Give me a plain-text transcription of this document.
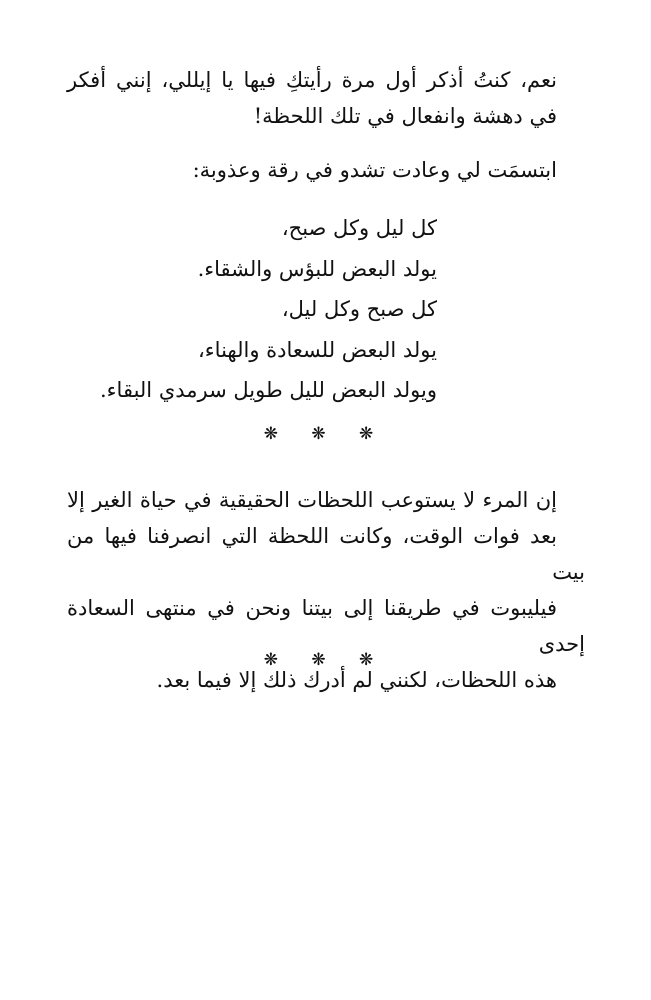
نعم، كنتُ أذكر أول مرة رأيتكِ فيها يا إيللي، إنني أفكر
في دهشة وانفعال في تلك اللحظة!

ابتسمَت لي وعادت تشدو في رقة وعذوبة:

كل ليل وكل صبح،
يولد البعض للبؤس والشقاء.
كل صبح وكل ليل،
يولد البعض للسعادة والهناء،
ويولد البعض لليل طويل سرمدي البقاء.
❋ ❋ ❋

إن المرء لا يستوعب اللحظات الحقيقية في حياة الغير إلا
بعد فوات الوقت، وكانت اللحظة التي انصرفنا فيها من بيت
فيليبوت في طريقنا إلى بيتنا ونحن في منتهى السعادة إحدى
هذه اللحظات، لكنني لم أدرك ذلك إلا فيما بعد.

❋ ❋ ❋
